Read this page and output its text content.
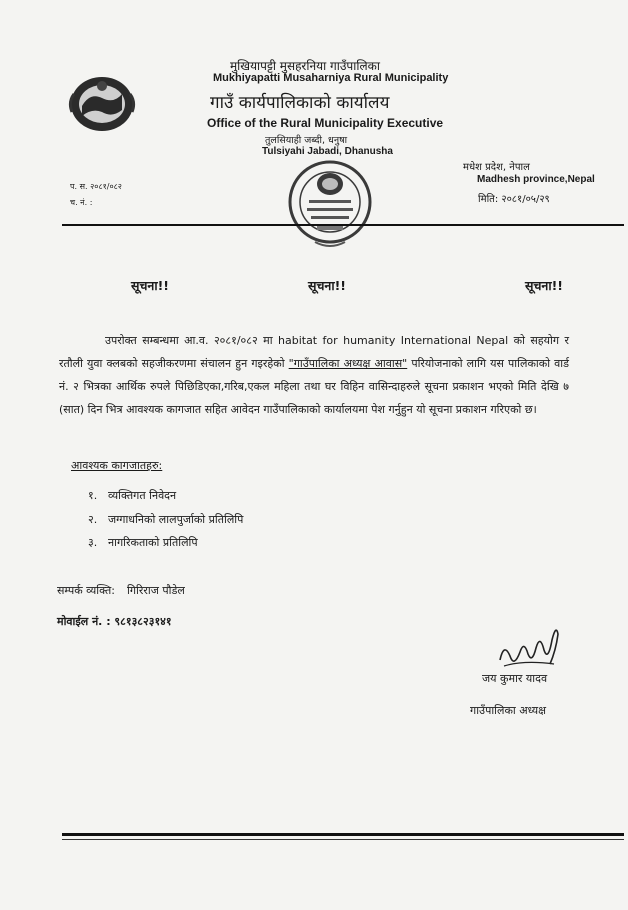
मुखियापट्टी मुसहरनिया गाउँपालिका
Mukhiyapatti Musaharniya Rural Municipality
गाउँ कार्यपालिकाको कार्यालय
Office of the Rural Municipality Executive
तुलसियाही जब्दी, धनुषा
Tulsiyahi Jabadi, Dhanusha
मधेश प्रदेश, नेपाल
Madhesh province,Nepal
मिति: २०८१/०५/२९
प. स. २०८१/०८२
च. नं. :
सूचना!!	सूचना!!	सूचना!!
उपरोक्त सम्बन्धमा आ.व. २०८१/०८२ मा habitat for humanity International Nepal को सहयोग र रतौली युवा क्लबको सहजीकरणमा संचालन हुन गइरहेको "गाउँपालिका अध्यक्ष आवास" परियोजनाको लागि यस पालिकाको वार्ड नं. २ भित्रका आर्थिक रुपले पिछिडिएका,गरिब,एकल महिला तथा घर विहिन वासिन्दाहरुले सूचना प्रकाशन भएको मिति देखि ७ (सात) दिन भित्र आवश्यक कागजात सहित आवेदन गाउँपालिकाको कार्यालयमा पेश गर्नुहुन यो सूचना प्रकाशन गरिएको छ।
आवश्यक कागजातहरु:
१. व्यक्तिगत निवेदन
२. जग्गाधनिको लालपुर्जाको प्रतिलिपि
३. नागरिकताको प्रतिलिपि
सम्पर्क व्यक्ति: गिरिराज पौडेल
मोवाईल नं. : ९८१३८२३१४१
जय कुमार यादव
गाउँपालिका अध्यक्ष
